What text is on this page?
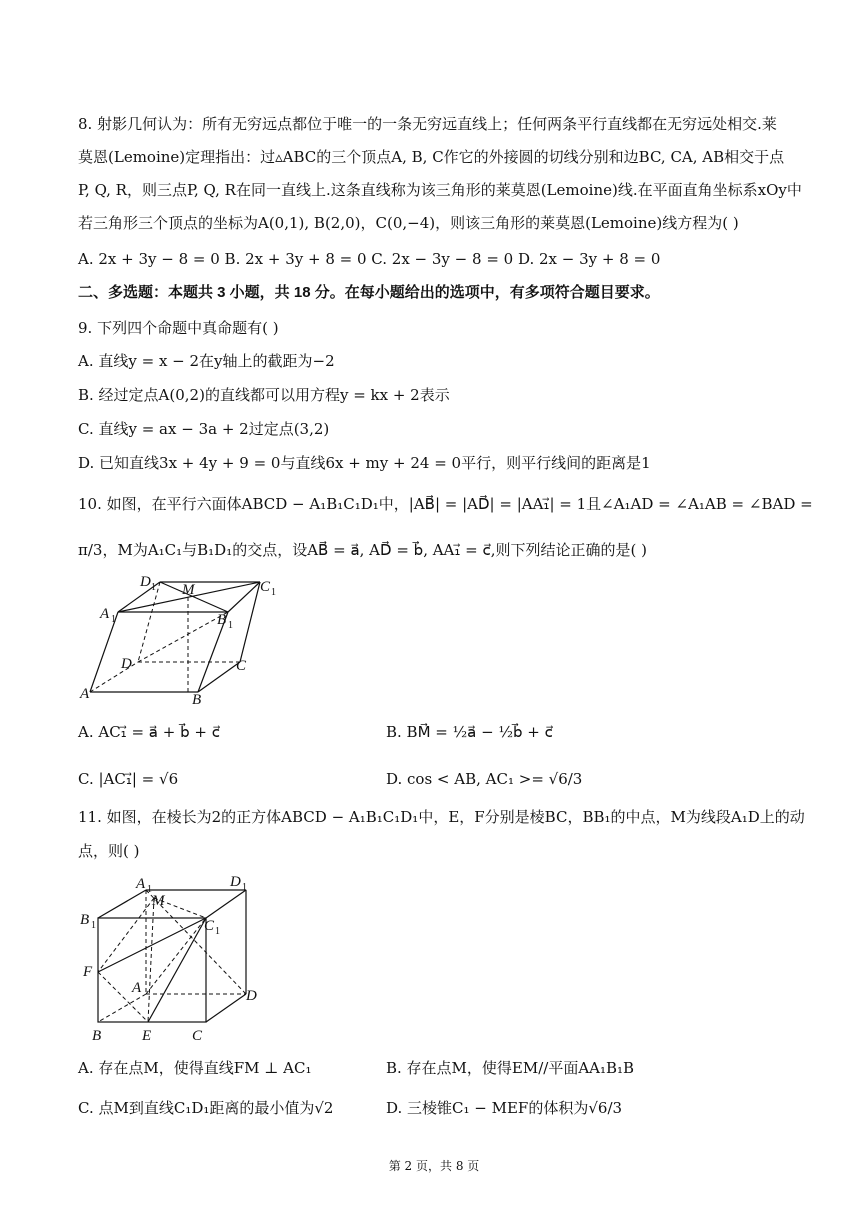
8. 射影几何认为：所有无穷远点都位于唯一的一条无穷远直线上；任何两条平行直线都在无穷远处相交.莱
莫恩(Lemoine)定理指出：过▵ABC的三个顶点A, B, C作它的外接圆的切线分别和边BC, CA, AB相交于点
P, Q, R，则三点P, Q, R在同一直线上.这条直线称为该三角形的莱莫恩(Lemoine)线.在平面直角坐标系xOy中
若三角形三个顶点的坐标为A(0,1), B(2,0)，C(0,−4)，则该三角形的莱莫恩(Lemoine)线方程为( )
A. 2x + 3y − 8 = 0 B. 2x + 3y + 8 = 0 C. 2x − 3y − 8 = 0 D. 2x − 3y + 8 = 0
二、多选题：本题共 3 小题，共 18 分。在每小题给出的选项中，有多项符合题目要求。
9. 下列四个命题中真命题有( )
A. 直线y = x − 2在y轴上的截距为−2
B. 经过定点A(0,2)的直线都可以用方程y = kx + 2表示
C. 直线y = ax − 3a + 2过定点(3,2)
D. 已知直线3x + 4y + 9 = 0与直线6x + my + 24 = 0平行，则平行线间的距离是1
10. 如图，在平行六面体ABCD − A₁B₁C₁D₁中，|AB⃗| = |AD⃗| = |AA₁⃗| = 1且∠A₁AD = ∠A₁AB = ∠BAD =
π/3，M为A₁C₁与B₁D₁的交点，设AB⃗ = a⃗, AD⃗ = b⃗, AA₁⃗ = c⃗,则下列结论正确的是( )
A	B
C
D
A 1	B 1
C 1
D 1 M
A. AC₁⃗ = a⃗ + b⃗ + c⃗	B. BM⃗ = ½a⃗ − ½b⃗ + c⃗
C. |AC₁⃗| = √6	D. cos < AB, AC₁ >= √6/3
11. 如图，在棱长为2的正方体ABCD − A₁B₁C₁D₁中，E，F分别是棱BC，BB₁的中点，M为线段A₁D上的动
点，则( )
B	E	C
D
A
F
B 1
A 1	D 1
C 1
M
A. 存在点M，使得直线FM ⊥ AC₁	B. 存在点M，使得EM//平面AA₁B₁B
C. 点M到直线C₁D₁距离的最小值为√2	D. 三棱锥C₁ − MEF的体积为√6/3
第 2 页，共 8 页
